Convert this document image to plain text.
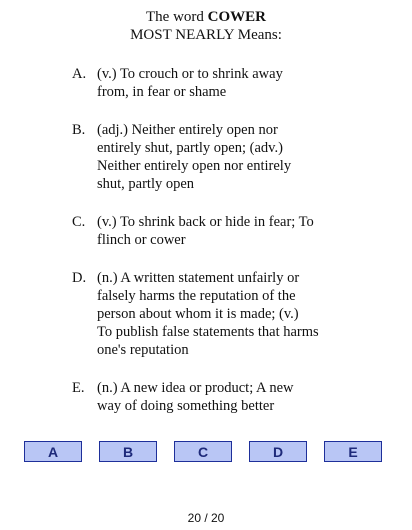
The word COWER
MOST NEARLY Means:
A. (v.) To crouch or to shrink away
from, in fear or shame
B. (adj.) Neither entirely open nor
entirely shut, partly open; (adv.)
Neither entirely open nor entirely
shut, partly open
C. (v.) To shrink back or hide in fear; To
flinch or cower
D. (n.) A written statement unfairly or
falsely harms the reputation of the
person about whom it is made; (v.)
To publish false statements that harms
one's reputation
E. (n.) A new idea or product; A new
way of doing something better
A	B	C	D	E
20 / 20
